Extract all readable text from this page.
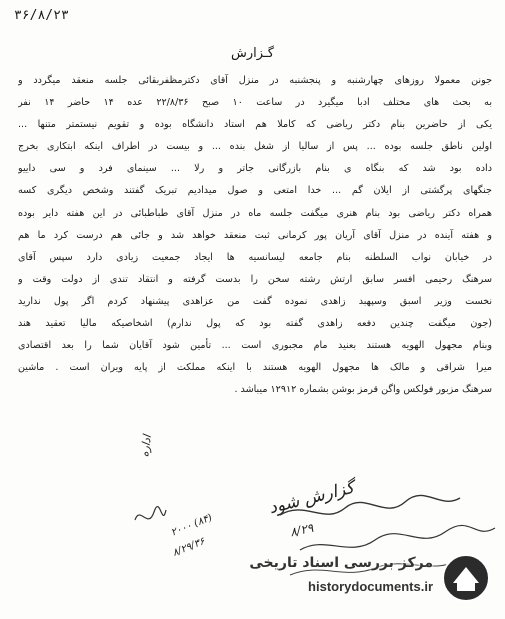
۳۶/۸/۲۳
گـزارش
جونن معمولا روزهای چهارشنبه و پنجشنبه در منزل آقای دکترمظفربقائی جلسه منعقد میگردد و
به بحث های مختلف ادبا میگیرد در ساعت ۱۰ صبح ۲۲/۸/۳۶ عده ۱۴ حاضر ۱۴ نفر
یکی از حاضرین بنام دکتر ریاضی که کاملا هم استاد دانشگاه بوده و تقویم نیستمتر متنها ...
اولین ناطق جلسه بوده ... پس از سالیا از شغل بنده ... و بیست در اطراف اینکه ابتکاری بخرج
داده بود شد که بنگاه ی بنام بازرگانی جاتر و رلا ... سینمای فرد و سی داییو
جنگهای پرگشتی از ایلان گم ... خدا امتعی و صول میدادیم تبریک گفتند وشخص دیگری کسه
همراه دکتر ریاضی بود بنام هنری میگفت جلسه ماه در منزل آقای طباطبائی در این هفته دایر بوده
و هفته آینده در منزل آقای آریان پور کرمانی ثبت منعقد خواهد شد و جائی هم درست کرد ما هم
در خیابان نواب السلطنه بنام جامعه لیسانسیه ها ایجاد جمعیت زیادی دارد سپس آقای
سرهنگ رحیمی افسر سابق ارتش رشته سخن را بدست گرفته و انتقاد تندی از دولت وقت و
نخست وزیر اسبق وسپهبد زاهدی نموده گفت من عزاهدی پیشنهاد کردم اگر پول ندارید
(جون میگفت چندین دفعه زاهدی گفته بود که پول ندارم) اشخاصیکه مالیا تعقید هند
وبنام مجهول الهویه هستند بعنید مام مجبوری است ... تأمین شود آقایان شما را بعد اقتصادی
میرا شراقی و مالک ها مجهول الهویه هستند با اینکه مملکت از پایه ویران است . ماشین
سرهنگ مزبور فولکس واگن قرمز بوشن بشماره ۱۲۹۱۲ میباشد .
اداره
گزارش شود
۸/۲۹
۲۰۰۰ (۸۴)
۸/۲۹/۳۶
مرکز بررسی اسناد تاریخی
historydocuments.ir
